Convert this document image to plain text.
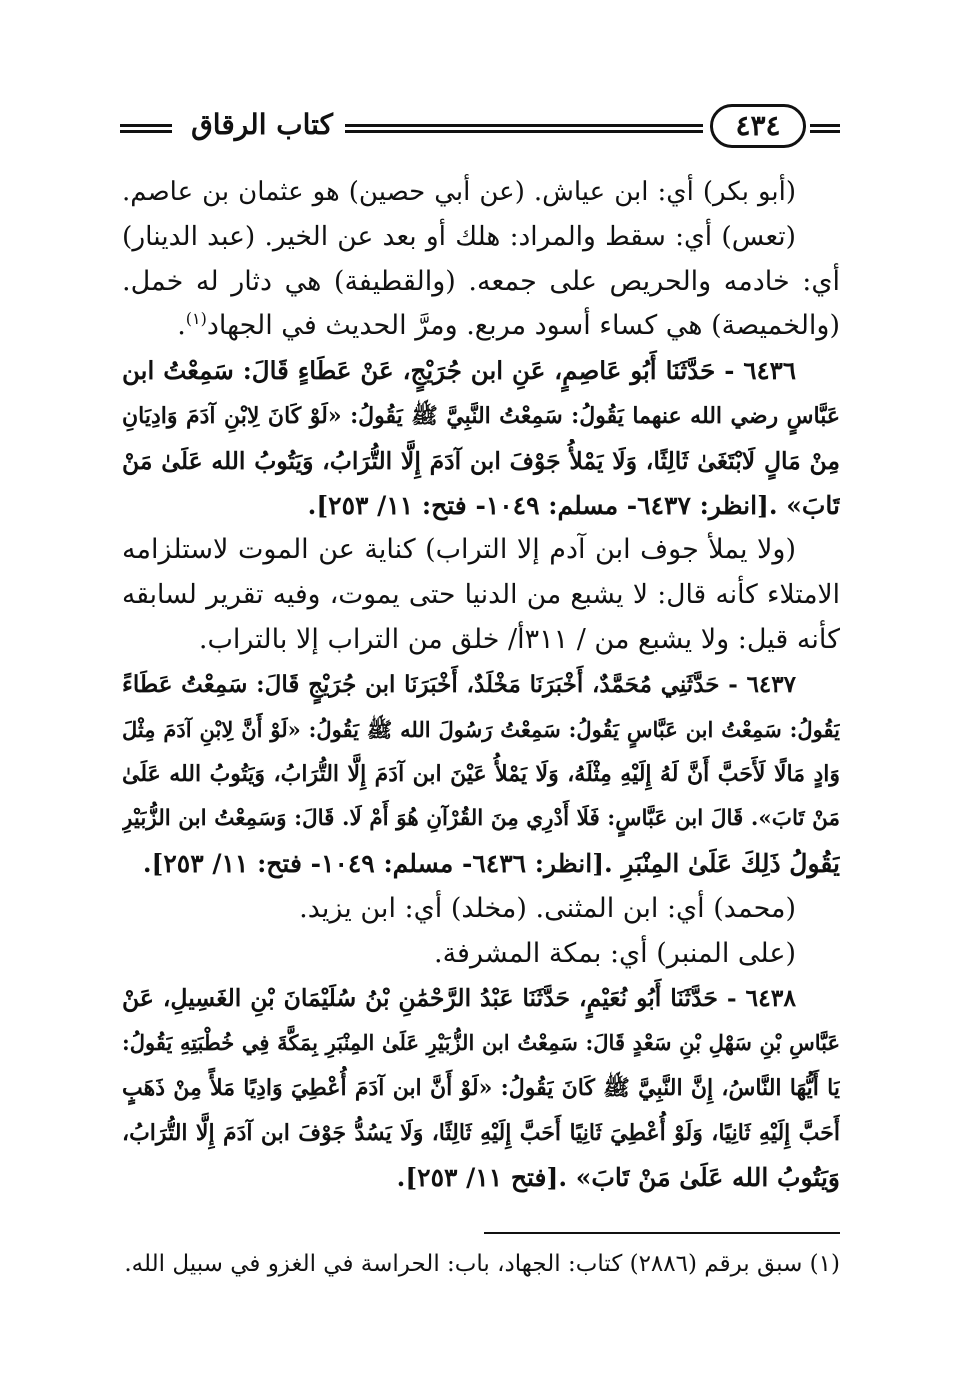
كتاب الرقاق	٤٣٤
(أبو بكر) أي: ابن عياش. (عن أبي حصين) هو عثمان بن عاصم.
(تعس) أي: سقط والمراد: هلك أو بعد عن الخير. (عبد الدينار)
أي: خادمه والحريص على جمعه. (والقطيفة) هي دثار له خمل.
(والخميصة) هي كساء أسود مربع. ومرَّ الحديث في الجهاد$^{(١)}$.
٦٤٣٦ - حَدَّثَنَا أَبُو عَاصِمٍ، عَنِ ابن جُرَيْجٍ، عَنْ عَطَاءٍ قَالَ: سَمِعْتُ ابن
عَبَّاسٍ رضي الله عنهما يَقُولُ: سَمِعْتُ النَّبِيَّ ﷺ يَقُولُ: «لَوْ كَانَ لِابْنِ آدَمَ وَادِيَانِ
مِنْ مَالٍ لَابْتَغَىٰ ثَالِثًا، وَلَا يَمْلأُ جَوْفَ ابن آدَمَ إِلَّا التُّرَابُ، وَيَتُوبُ الله عَلَىٰ مَنْ
تَابَ» .[انظر: ٦٤٣٧- مسلم: ١٠٤٩- فتح: ١١/ ٢٥٣].
(ولا يملأ جوف ابن آدم إلا التراب) كناية عن الموت لاستلزامه
الامتلاء كأنه قال: لا يشبع من الدنيا حتى يموت، وفيه تقرير لسابقه
كأنه قيل: ولا يشبع من / ٣١١أ/ خلق من التراب إلا بالتراب.
٦٤٣٧ - حَدَّثَنِي مُحَمَّدٌ، أَخْبَرَنَا مَخْلَدٌ، أَخْبَرَنَا ابن جُرَيْجٍ قَالَ: سَمِعْتُ عَطَاءً
يَقُولُ: سَمِعْتُ ابن عَبَّاسٍ يَقُولُ: سَمِعْتُ رَسُولَ الله ﷺ يَقُولُ: «لَوْ أَنَّ لِابْنِ آدَمَ مِثْلَ
وَادٍ مَالًا لَأَحَبَّ أَنَّ لَهُ إِلَيْهِ مِثْلَهُ، وَلَا يَمْلأُ عَيْنَ ابن آدَمَ إِلَّا التُّرَابُ، وَيَتُوبُ الله عَلَىٰ
مَنْ تَابَ». قَالَ ابن عَبَّاسٍ: فَلَا أَدْرِي مِنَ القُرْآنِ هُوَ أَمْ لَا. قَالَ: وَسَمِعْتُ ابن الزُّبَيْرِ
يَقُولُ ذَلِكَ عَلَىٰ المِنْبَرِ .[انظر: ٦٤٣٦- مسلم: ١٠٤٩- فتح: ١١/ ٢٥٣].
(محمد) أي: ابن المثنى. (مخلد) أي: ابن يزيد.
(على المنبر) أي: بمكة المشرفة.
٦٤٣٨ - حَدَّثَنَا أَبُو نُعَيْمٍ، حَدَّثَنَا عَبْدُ الرَّحْمَٰنِ بْنُ سُلَيْمَانَ بْنِ الغَسِيلِ، عَنْ
عَبَّاسِ بْنِ سَهْلِ بْنِ سَعْدٍ قَالَ: سَمِعْتُ ابن الزُّبَيْرِ عَلَىٰ المِنْبَرِ بِمَكَّةَ فِي خُطْبَتِهِ يَقُولُ:
يَا أَيُّهَا النَّاسُ، إِنَّ النَّبِيَّ ﷺ كَانَ يَقُولُ: «لَوْ أَنَّ ابن آدَمَ أُعْطِيَ وَادِيًا مَلأً مِنْ ذَهَبٍ
أَحَبَّ إِلَيْهِ ثَانِيًا، وَلَوْ أُعْطِيَ ثَانِيًا أَحَبَّ إِلَيْهِ ثَالِثًا، وَلَا يَسُدُّ جَوْفَ ابن آدَمَ إِلَّا التُّرَابُ،
وَيَتُوبُ الله عَلَىٰ مَنْ تَابَ» .[فتح ١١/ ٢٥٣].
(١) سبق برقم (٢٨٨٦) كتاب: الجهاد، باب: الحراسة في الغزو في سبيل الله.
